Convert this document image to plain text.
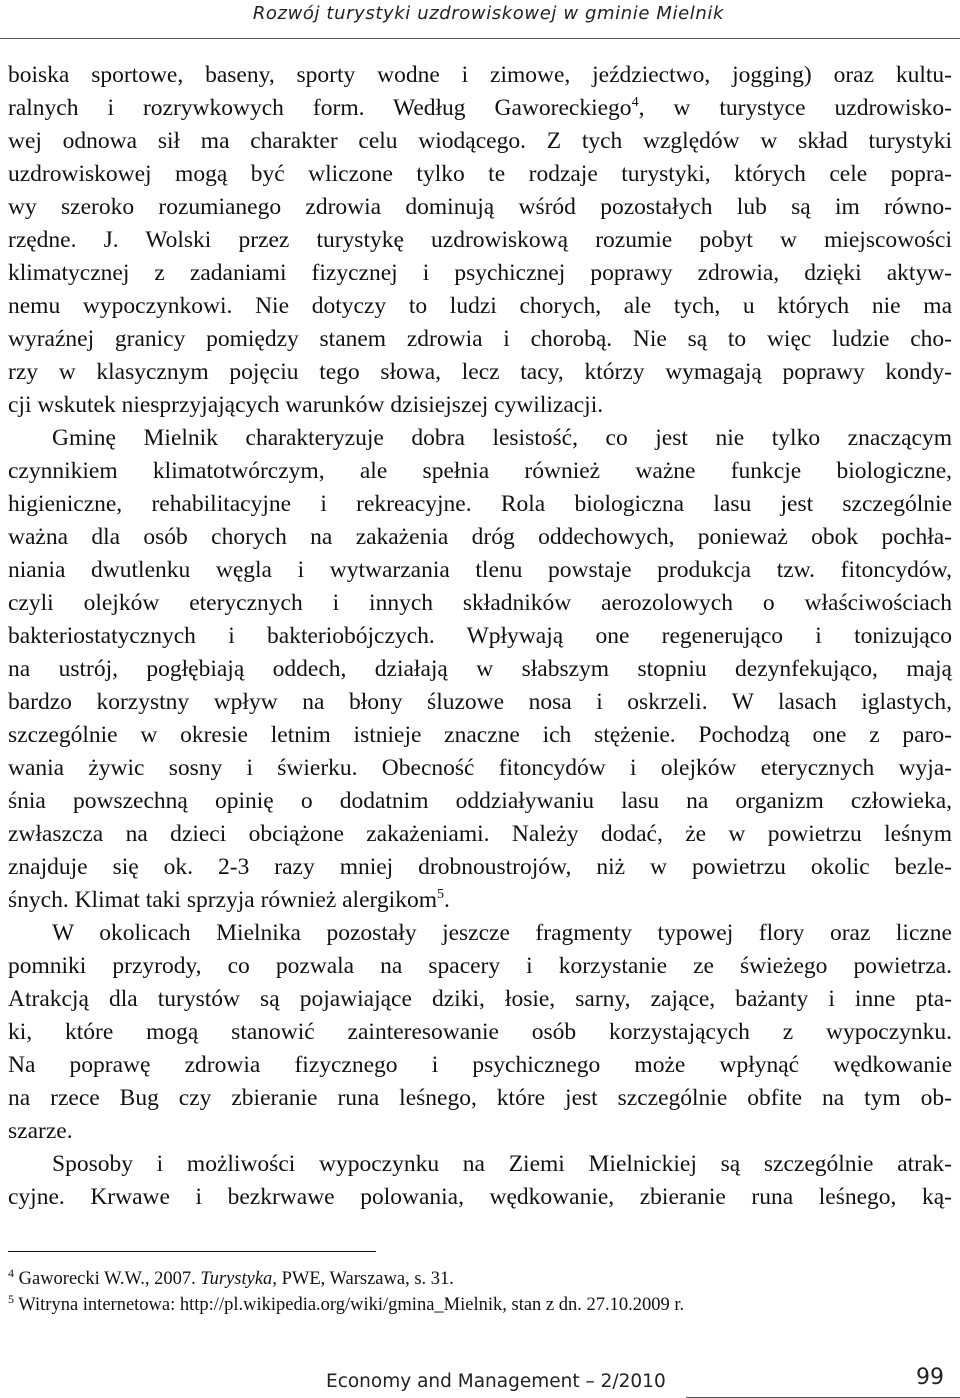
Rozwój turystyki uzdrowiskowej w gminie Mielnik
boiska sportowe, baseny, sporty wodne i zimowe, jeździectwo, jogging) oraz kultu-
ralnych i rozrywkowych form. Według Gaworeckiego$^4$, w turystyce uzdrowisko-
wej odnowa sił ma charakter celu wiodącego. Z tych względów w skład turystyki
uzdrowiskowej mogą być wliczone tylko te rodzaje turystyki, których cele popra-
wy szeroko rozumianego zdrowia dominują wśród pozostałych lub są im równo-
rzędne. J. Wolski przez turystykę uzdrowiskową rozumie pobyt w miejscowości
klimatycznej z zadaniami fizycznej i psychicznej poprawy zdrowia, dzięki aktyw-
nemu wypoczynkowi. Nie dotyczy to ludzi chorych, ale tych, u których nie ma
wyraźnej granicy pomiędzy stanem zdrowia i chorobą. Nie są to więc ludzie cho-
rzy w klasycznym pojęciu tego słowa, lecz tacy, którzy wymagają poprawy kondy-
cji wskutek niesprzyjających warunków dzisiejszej cywilizacji.
Gminę Mielnik charakteryzuje dobra lesistość, co jest nie tylko znaczącym
czynnikiem klimatotwórczym, ale spełnia również ważne funkcje biologiczne,
higieniczne, rehabilitacyjne i rekreacyjne. Rola biologiczna lasu jest szczególnie
ważna dla osób chorych na zakażenia dróg oddechowych, ponieważ obok pochła-
niania dwutlenku węgla i wytwarzania tlenu powstaje produkcja tzw. fitoncydów,
czyli olejków eterycznych i innych składników aerozolowych o właściwościach
bakteriostatycznych i bakteriobójczych. Wpływają one regenerująco i tonizująco
na ustrój, pogłębiają oddech, działają w słabszym stopniu dezynfekująco, mają
bardzo korzystny wpływ na błony śluzowe nosa i oskrzeli. W lasach iglastych,
szczególnie w okresie letnim istnieje znaczne ich stężenie. Pochodzą one z paro-
wania żywic sosny i świerku. Obecność fitoncydów i olejków eterycznych wyja-
śnia powszechną opinię o dodatnim oddziaływaniu lasu na organizm człowieka,
zwłaszcza na dzieci obciążone zakażeniami. Należy dodać, że w powietrzu leśnym
znajduje się ok. 2-3 razy mniej drobnoustrojów, niż w powietrzu okolic bezle-
śnych. Klimat taki sprzyja również alergikom$^5$.
W okolicach Mielnika pozostały jeszcze fragmenty typowej flory oraz liczne
pomniki przyrody, co pozwala na spacery i korzystanie ze świeżego powietrza.
Atrakcją dla turystów są pojawiające dziki, łosie, sarny, zające, bażanty i inne pta-
ki, które mogą stanowić zainteresowanie osób korzystających z wypoczynku.
Na poprawę zdrowia fizycznego i psychicznego może wpłynąć wędkowanie
na rzece Bug czy zbieranie runa leśnego, które jest szczególnie obfite na tym ob-
szarze.
Sposoby i możliwości wypoczynku na Ziemi Mielnickiej są szczególnie atrak-
cyjne. Krwawe i bezkrwawe polowania, wędkowanie, zbieranie runa leśnego, ką-
$^4$ Gaworecki W.W., 2007. Turystyka, PWE, Warszawa, s. 31.
$^5$ Witryna internetowa: http://pl.wikipedia.org/wiki/gmina_Mielnik, stan z dn. 27.10.2009 r.
Economy and Management – 2/2010	99
